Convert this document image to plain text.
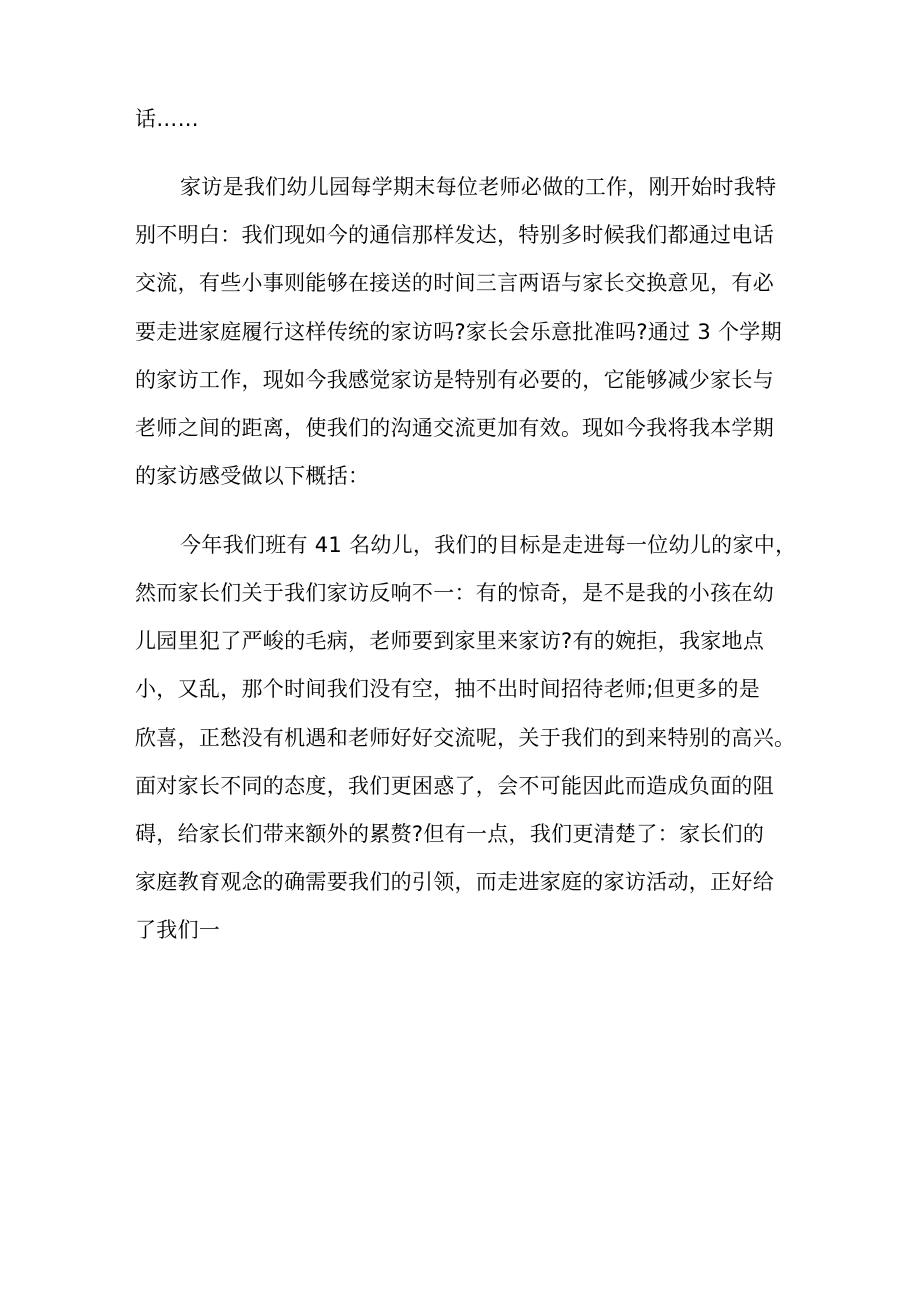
话……
家访是我们幼儿园每学期末每位老师必做的工作，刚开始时我特
别不明白：我们现如今的通信那样发达，特别多时候我们都通过电话
交流，有些小事则能够在接送的时间三言两语与家长交换意见，有必
要走进家庭履行这样传统的家访吗?家长会乐意批准吗?通过 3 个学期
的家访工作，现如今我感觉家访是特别有必要的，它能够减少家长与
老师之间的距离，使我们的沟通交流更加有效。现如今我将我本学期
的家访感受做以下概括：
今年我们班有 41 名幼儿，我们的目标是走进每一位幼儿的家中，
然而家长们关于我们家访反响不一：有的惊奇，是不是我的小孩在幼
儿园里犯了严峻的毛病，老师要到家里来家访?有的婉拒，我家地点
小，又乱，那个时间我们没有空，抽不出时间招待老师;但更多的是
欣喜，正愁没有机遇和老师好好交流呢，关于我们的到来特别的高兴。
面对家长不同的态度，我们更困惑了，会不可能因此而造成负面的阻
碍，给家长们带来额外的累赘?但有一点，我们更清楚了：家长们的
家庭教育观念的确需要我们的引领，而走进家庭的家访活动，正好给
了我们一
